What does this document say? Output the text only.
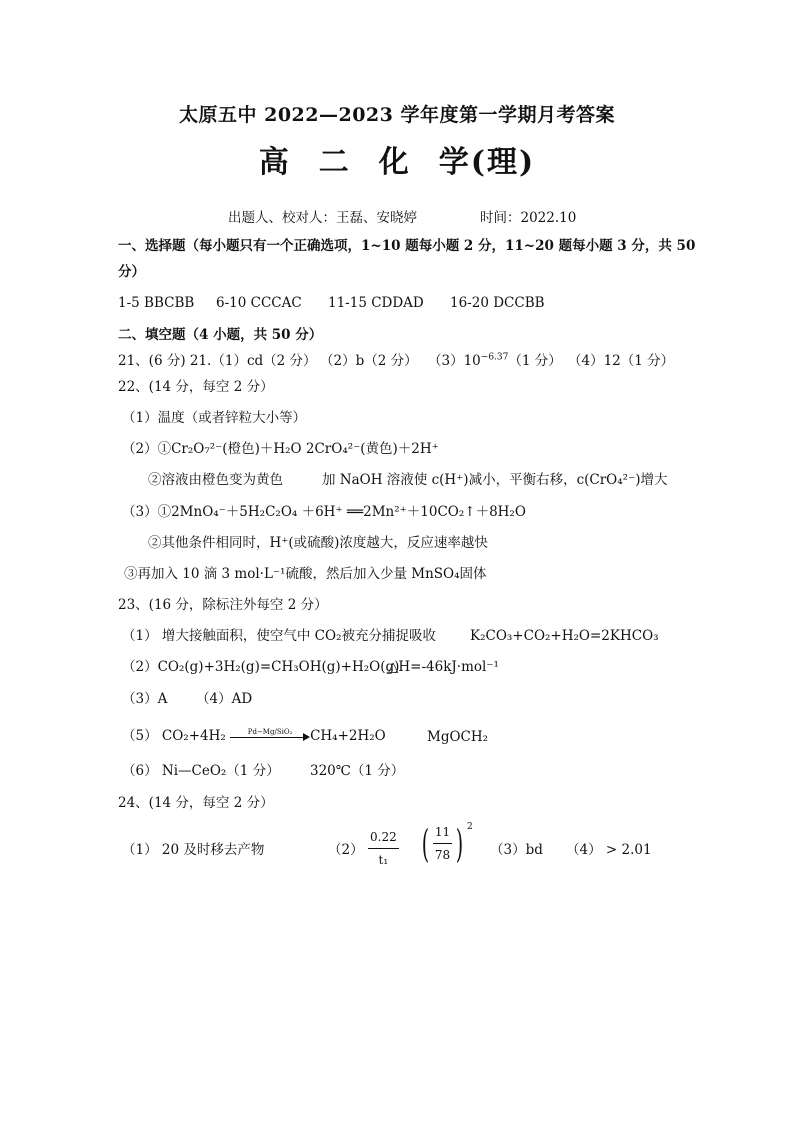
太原五中 2022—2023 学年度第一学期月考答案
高 二 化 学(理)
出题人、校对人：王磊、安晓婷	时间：2022.10
一、选择题（每小题只有一个正确选项，1~10 题每小题 2 分，11~20 题每小题 3 分，共 50
分）
1-5 BBCBB 6-10 CCCAC 11-15 CDDAD 16-20 DCCBB
二、填空题（4 小题，共 50 分）
21、(6 分) 21.（1）cd（2 分） （2）b（2 分） $(3)10^{-6.37}(1$ 分） （4）12（1 分）
22、(14 分，每空 2 分）
（1）温度（或者锌粒大小等）
（2）①Cr₂O₇²⁻(橙色)＋H₂O 2CrO₄²⁻(黄色)＋2H⁺
②溶液由橙色变为黄色	加 NaOH 溶液使 c(H⁺)减小，平衡右移，c(CrO₄²⁻)增大
（3）①2MnO₄⁻＋5H₂C₂O₄ ＋6H⁺ ══2Mn²⁺＋10CO₂↑＋8H₂O
②其他条件相同时，H⁺(或硫酸)浓度越大，反应速率越快
③再加入 10 滴 3 mol·L⁻¹硫酸，然后加入少量 MnSO₄固体
23、(16 分，除标注外每空 2 分）
（1） 增大接触面积，使空气中 CO₂被充分捕捉吸收	K₂CO₃+CO₂+H₂O=2KHCO₃
（2）CO₂(g)+3H₂(g)=CH₃OH(g)+H₂O(g)
△H=-46kJ·mol⁻¹
（3）A （4）AD
（5） CO₂+4H₂	Pd−Mg/SiO₂	CH₄+2H₂O	MgOCH₂
（6） Ni—CeO₂（1 分） 320℃（1 分）
24、(14 分，每空 2 分）
（1） 20 及时移去产物	$(2) \frac{0.22}{\text{t₁}}$ ( $\frac{11}{78}$ ) 2
（3）bd （4） > 2.01
